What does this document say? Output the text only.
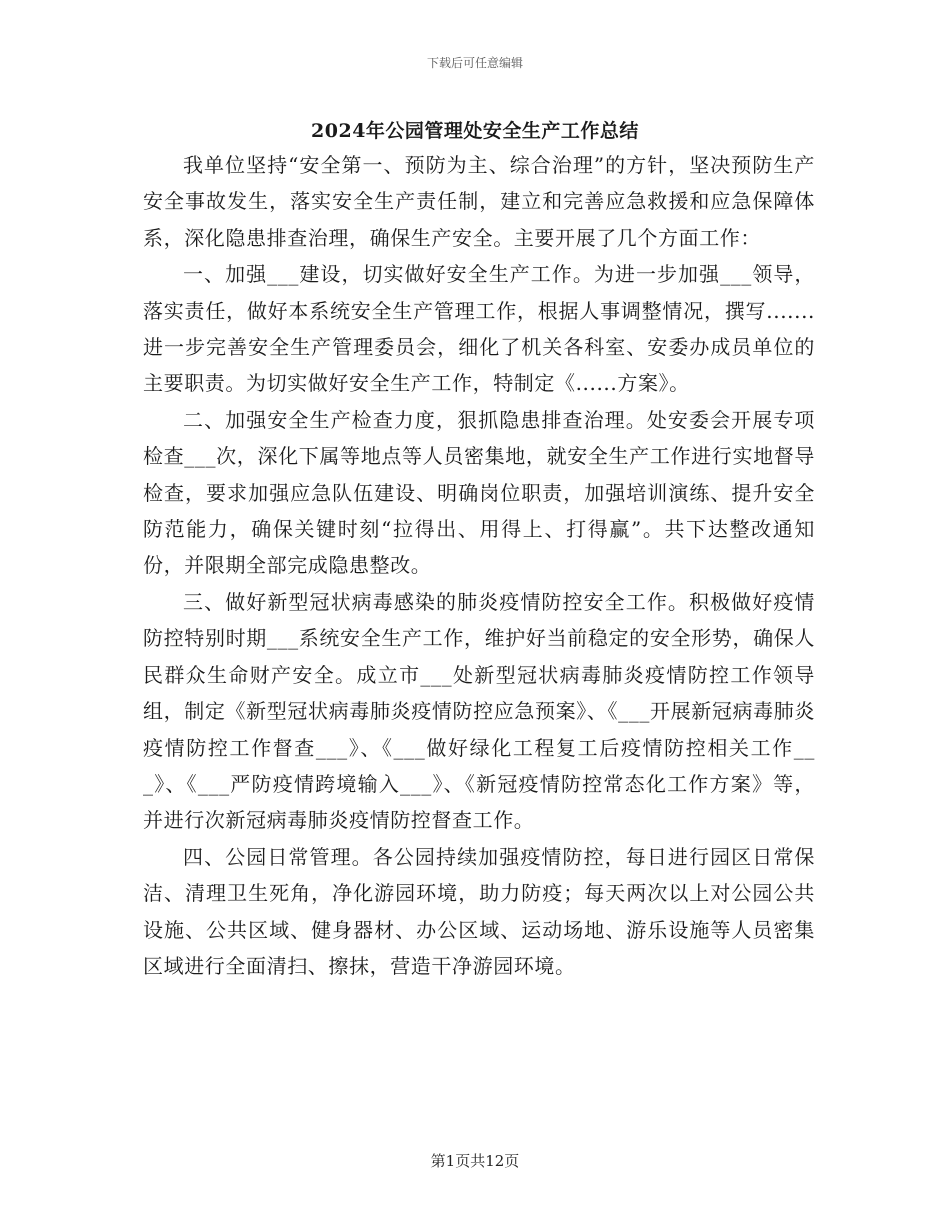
下载后可任意编辑
2024年公园管理处安全生产工作总结

我单位坚持“安全第一、预防为主、综合治理”的方针，坚决预防生产安全事故发生，落实安全生产责任制，建立和完善应急救援和应急保障体系，深化隐患排查治理，确保生产安全。主要开展了几个方面工作：

一、加强___建设，切实做好安全生产工作。为进一步加强___领导，落实责任，做好本系统安全生产管理工作，根据人事调整情况，撰写.......进一步完善安全生产管理委员会，细化了机关各科室、安委办成员单位的主要职责。为切实做好安全生产工作，特制定《......方案》。

二、加强安全生产检查力度，狠抓隐患排查治理。处安委会开展专项检查___次，深化下属等地点等人员密集地，就安全生产工作进行实地督导检查，要求加强应急队伍建设、明确岗位职责，加强培训演练、提升安全防范能力，确保关键时刻“拉得出、用得上、打得赢”。共下达整改通知份，并限期全部完成隐患整改。

三、做好新型冠状病毒感染的肺炎疫情防控安全工作。积极做好疫情防控特别时期___系统安全生产工作，维护好当前稳定的安全形势，确保人民群众生命财产安全。成立市___处新型冠状病毒肺炎疫情防控工作领导组，制定《新型冠状病毒肺炎疫情防控应急预案》、《___开展新冠病毒肺炎疫情防控工作督查___》、《___做好绿化工程复工后疫情防控相关工作___》、《___严防疫情跨境输入___》、《新冠疫情防控常态化工作方案》等，并进行次新冠病毒肺炎疫情防控督查工作。

四、公园日常管理。各公园持续加强疫情防控，每日进行园区日常保洁、清理卫生死角，净化游园环境，助力防疫；每天两次以上对公园公共设施、公共区域、健身器材、办公区域、运动场地、游乐设施等人员密集区域进行全面清扫、擦抹，营造干净游园环境。

第1页共12页
